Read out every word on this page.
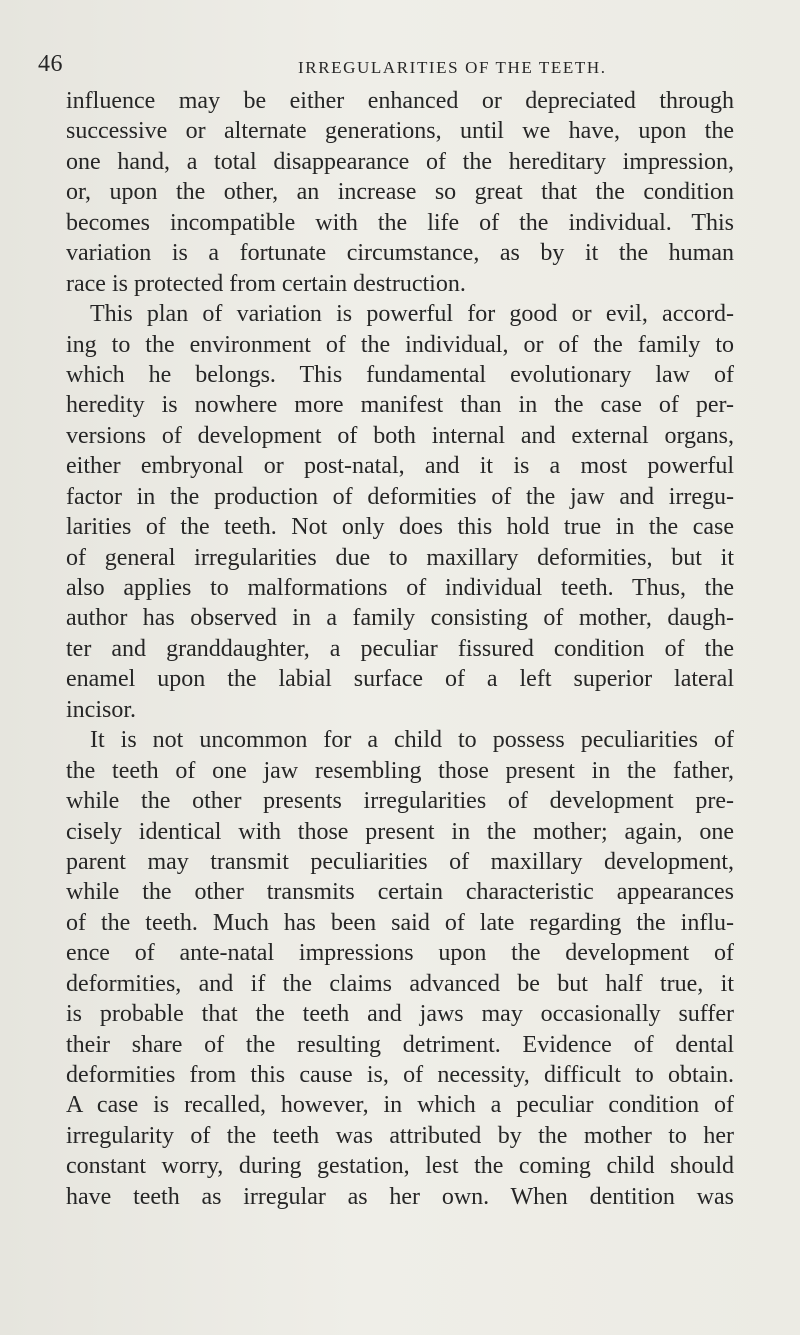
46	IRREGULARITIES OF THE TEETH.
influence may be either enhanced or depreciated through
successive or alternate generations, until we have, upon the
one hand, a total disappearance of the hereditary impression,
or, upon the other, an increase so great that the condition
becomes incompatible with the life of the individual. This
variation is a fortunate circumstance, as by it the human
race is protected from certain destruction.
This plan of variation is powerful for good or evil, accord-
ing to the environment of the individual, or of the family to
which he belongs. This fundamental evolutionary law of
heredity is nowhere more manifest than in the case of per-
versions of development of both internal and external organs,
either embryonal or post-natal, and it is a most powerful
factor in the production of deformities of the jaw and irregu-
larities of the teeth. Not only does this hold true in the case
of general irregularities due to maxillary deformities, but it
also applies to malformations of individual teeth. Thus, the
author has observed in a family consisting of mother, daugh-
ter and granddaughter, a peculiar fissured condition of the
enamel upon the labial surface of a left superior lateral
incisor.
It is not uncommon for a child to possess peculiarities of
the teeth of one jaw resembling those present in the father,
while the other presents irregularities of development pre-
cisely identical with those present in the mother; again, one
parent may transmit peculiarities of maxillary development,
while the other transmits certain characteristic appearances
of the teeth. Much has been said of late regarding the influ-
ence of ante-natal impressions upon the development of
deformities, and if the claims advanced be but half true, it
is probable that the teeth and jaws may occasionally suffer
their share of the resulting detriment. Evidence of dental
deformities from this cause is, of necessity, difficult to obtain.
A case is recalled, however, in which a peculiar condition of
irregularity of the teeth was attributed by the mother to her
constant worry, during gestation, lest the coming child should
have teeth as irregular as her own. When dentition was
